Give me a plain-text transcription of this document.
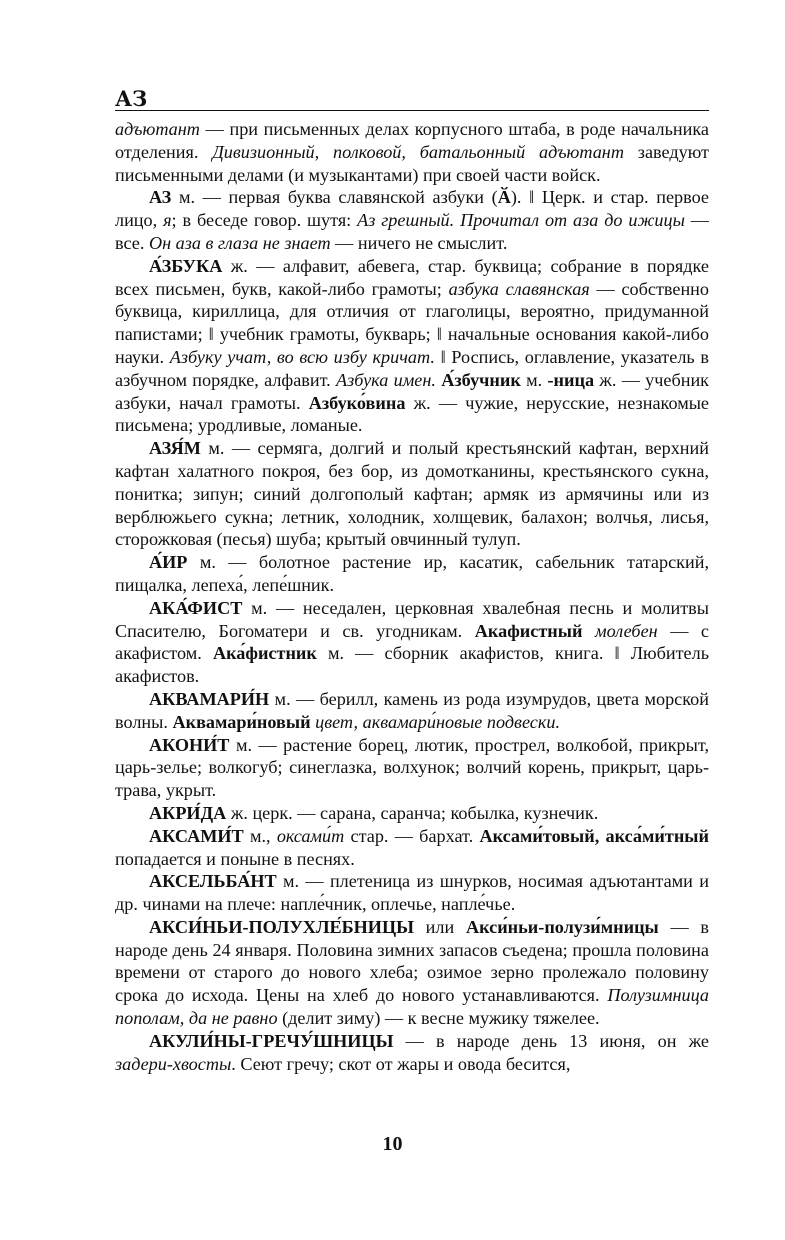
АЗ

адъютант — при письменных делах корпусного штаба, в роде начальника отделения. Дивизионный, полковой, батальонный адъютант заведуют письменными делами (и музыкантами) при своей части войск.

АЗ м. — первая буква славянской азбуки (Ӑ). ‖ Церк. и стар. первое лицо, я; в беседе говор. шутя: Аз грешный. Прочитал от аза до ижицы — все. Он аза в глаза не знает — ничего не смыслит.

А́ЗБУКА ж. — алфавит, абевега, стар. буквица; собрание в порядке всех письмен, букв, какой-либо грамоты; азбука славянская — собственно буквица, кириллица, для отличия от глаголицы, вероятно, придуманной папистами; ‖ учебник грамоты, букварь; ‖ начальные основания какой-либо науки. Азбуку учат, во всю избу кричат. ‖ Роспись, оглавление, указатель в азбучном порядке, алфавит. Азбука имен. А́збучник м. -ница ж. — учебник азбуки, начал грамоты. Азбуко́вина ж. — чужие, нерусские, незнакомые письмена; уродливые, ломаные.

АЗЯ́М м. — сермяга, долгий и полый крестьянский кафтан, верхний кафтан халатного покроя, без бор, из домотканины, крестьянского сукна, понитка; зипун; синий долгополый кафтан; армяк из армячины или из верблюжьего сукна; летник, холодник, холщевик, балахон; волчья, лисья, сторожковая (песья) шуба; крытый овчинный тулуп.

А́ИР м. — болотное растение ир, касатик, сабельник татарский, пищалка, лепеха́, лепе́шник.

АКА́ФИСТ м. — неседален, церковная хвалебная песнь и молитвы Спасителю, Богоматери и св. угодникам. Акафистный молебен — с акафистом. Ака́фистник м. — сборник акафистов, книга. ‖ Любитель акафистов.

АКВАМАРИ́Н м. — берилл, камень из рода изумрудов, цвета морской волны. Аквамари́новый цвет, аквамари́новые подвески.

АКОНИ́Т м. — растение борец, лютик, прострел, волкобой, прикрыт, царь-зелье; волкогуб; синеглазка, волхунок; волчий корень, прикрыт, царь-трава, укрыт.

АКРИ́ДА ж. церк. — сарана, саранча; кобылка, кузнечик.

АКСАМИ́Т м., оксами́т стар. — бархат. Аксами́товый, акса́ми́тный попадается и поныне в песнях.

АКСЕЛЬБА́НТ м. — плетеница из шнурков, носимая адъютантами и др. чинами на плече: напле́чник, оплечье, напле́чье.

АКСИ́НЬИ-ПОЛУХЛЕ́БНИЦЫ или Акси́ньи-полузи́мницы — в народе день 24 января. Половина зимних запасов съедена; прошла половина времени от старого до нового хлеба; озимое зерно пролежало половину срока до исхода. Цены на хлеб до нового устанавливаются. Полузимница пополам, да не равно (делит зиму) — к весне мужику тяжелее.

АКУЛИ́НЫ-ГРЕЧУ́ШНИЦЫ — в народе день 13 июня, он же задери-хвосты. Сеют гречу; скот от жары и овода бесится,

10
